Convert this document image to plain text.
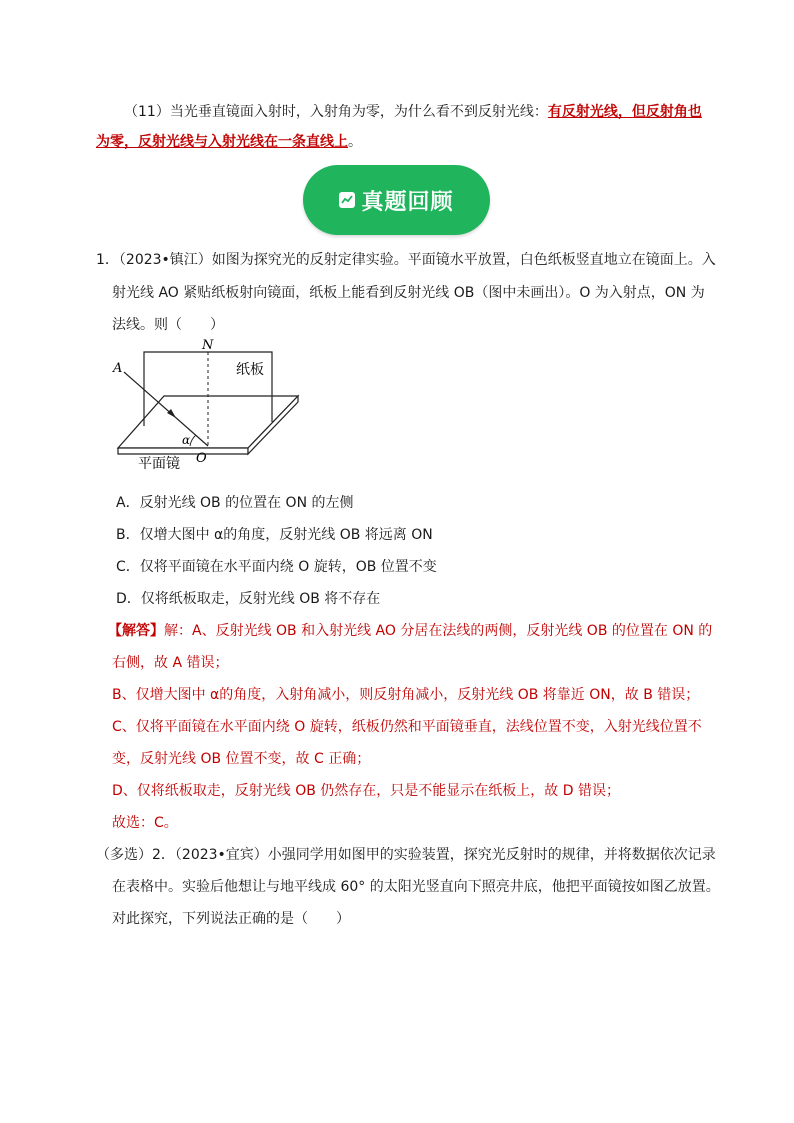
（11）当光垂直镜面入射时，入射角为零，为什么看不到反射光线：有反射光线，但反射角也
为零，反射光线与入射光线在一条直线上。
真题回顾
1．（2023•镇江）如图为探究光的反射定律实验。平面镜水平放置，白色纸板竖直地立在镜面上。入
射光线 AO 紧贴纸板射向镜面，纸板上能看到反射光线 OB（图中未画出）。O 为入射点，ON 为
法线。则（　　）
N
A	纸板
α
O
平面镜
A．反射光线 OB 的位置在 ON 的左侧
B．仅增大图中 α的角度，反射光线 OB 将远离 ON
C．仅将平面镜在水平面内绕 O 旋转，OB 位置不变
D．仅将纸板取走，反射光线 OB 将不存在
【解答】解：A、反射光线 OB 和入射光线 AO 分居在法线的两侧，反射光线 OB 的位置在 ON 的
右侧，故 A 错误；
B、仅增大图中 α的角度，入射角减小，则反射角减小，反射光线 OB 将靠近 ON，故 B 错误；
C、仅将平面镜在水平面内绕 O 旋转，纸板仍然和平面镜垂直，法线位置不变，入射光线位置不
变，反射光线 OB 位置不变，故 C 正确；
D、仅将纸板取走，反射光线 OB 仍然存在，只是不能显示在纸板上，故 D 错误；
故选：C。
（多选）2．（2023•宜宾）小强同学用如图甲的实验装置，探究光反射时的规律，并将数据依次记录
在表格中。实验后他想让与地平线成 60° 的太阳光竖直向下照亮井底，他把平面镜按如图乙放置。
对此探究，下列说法正确的是（　　）
